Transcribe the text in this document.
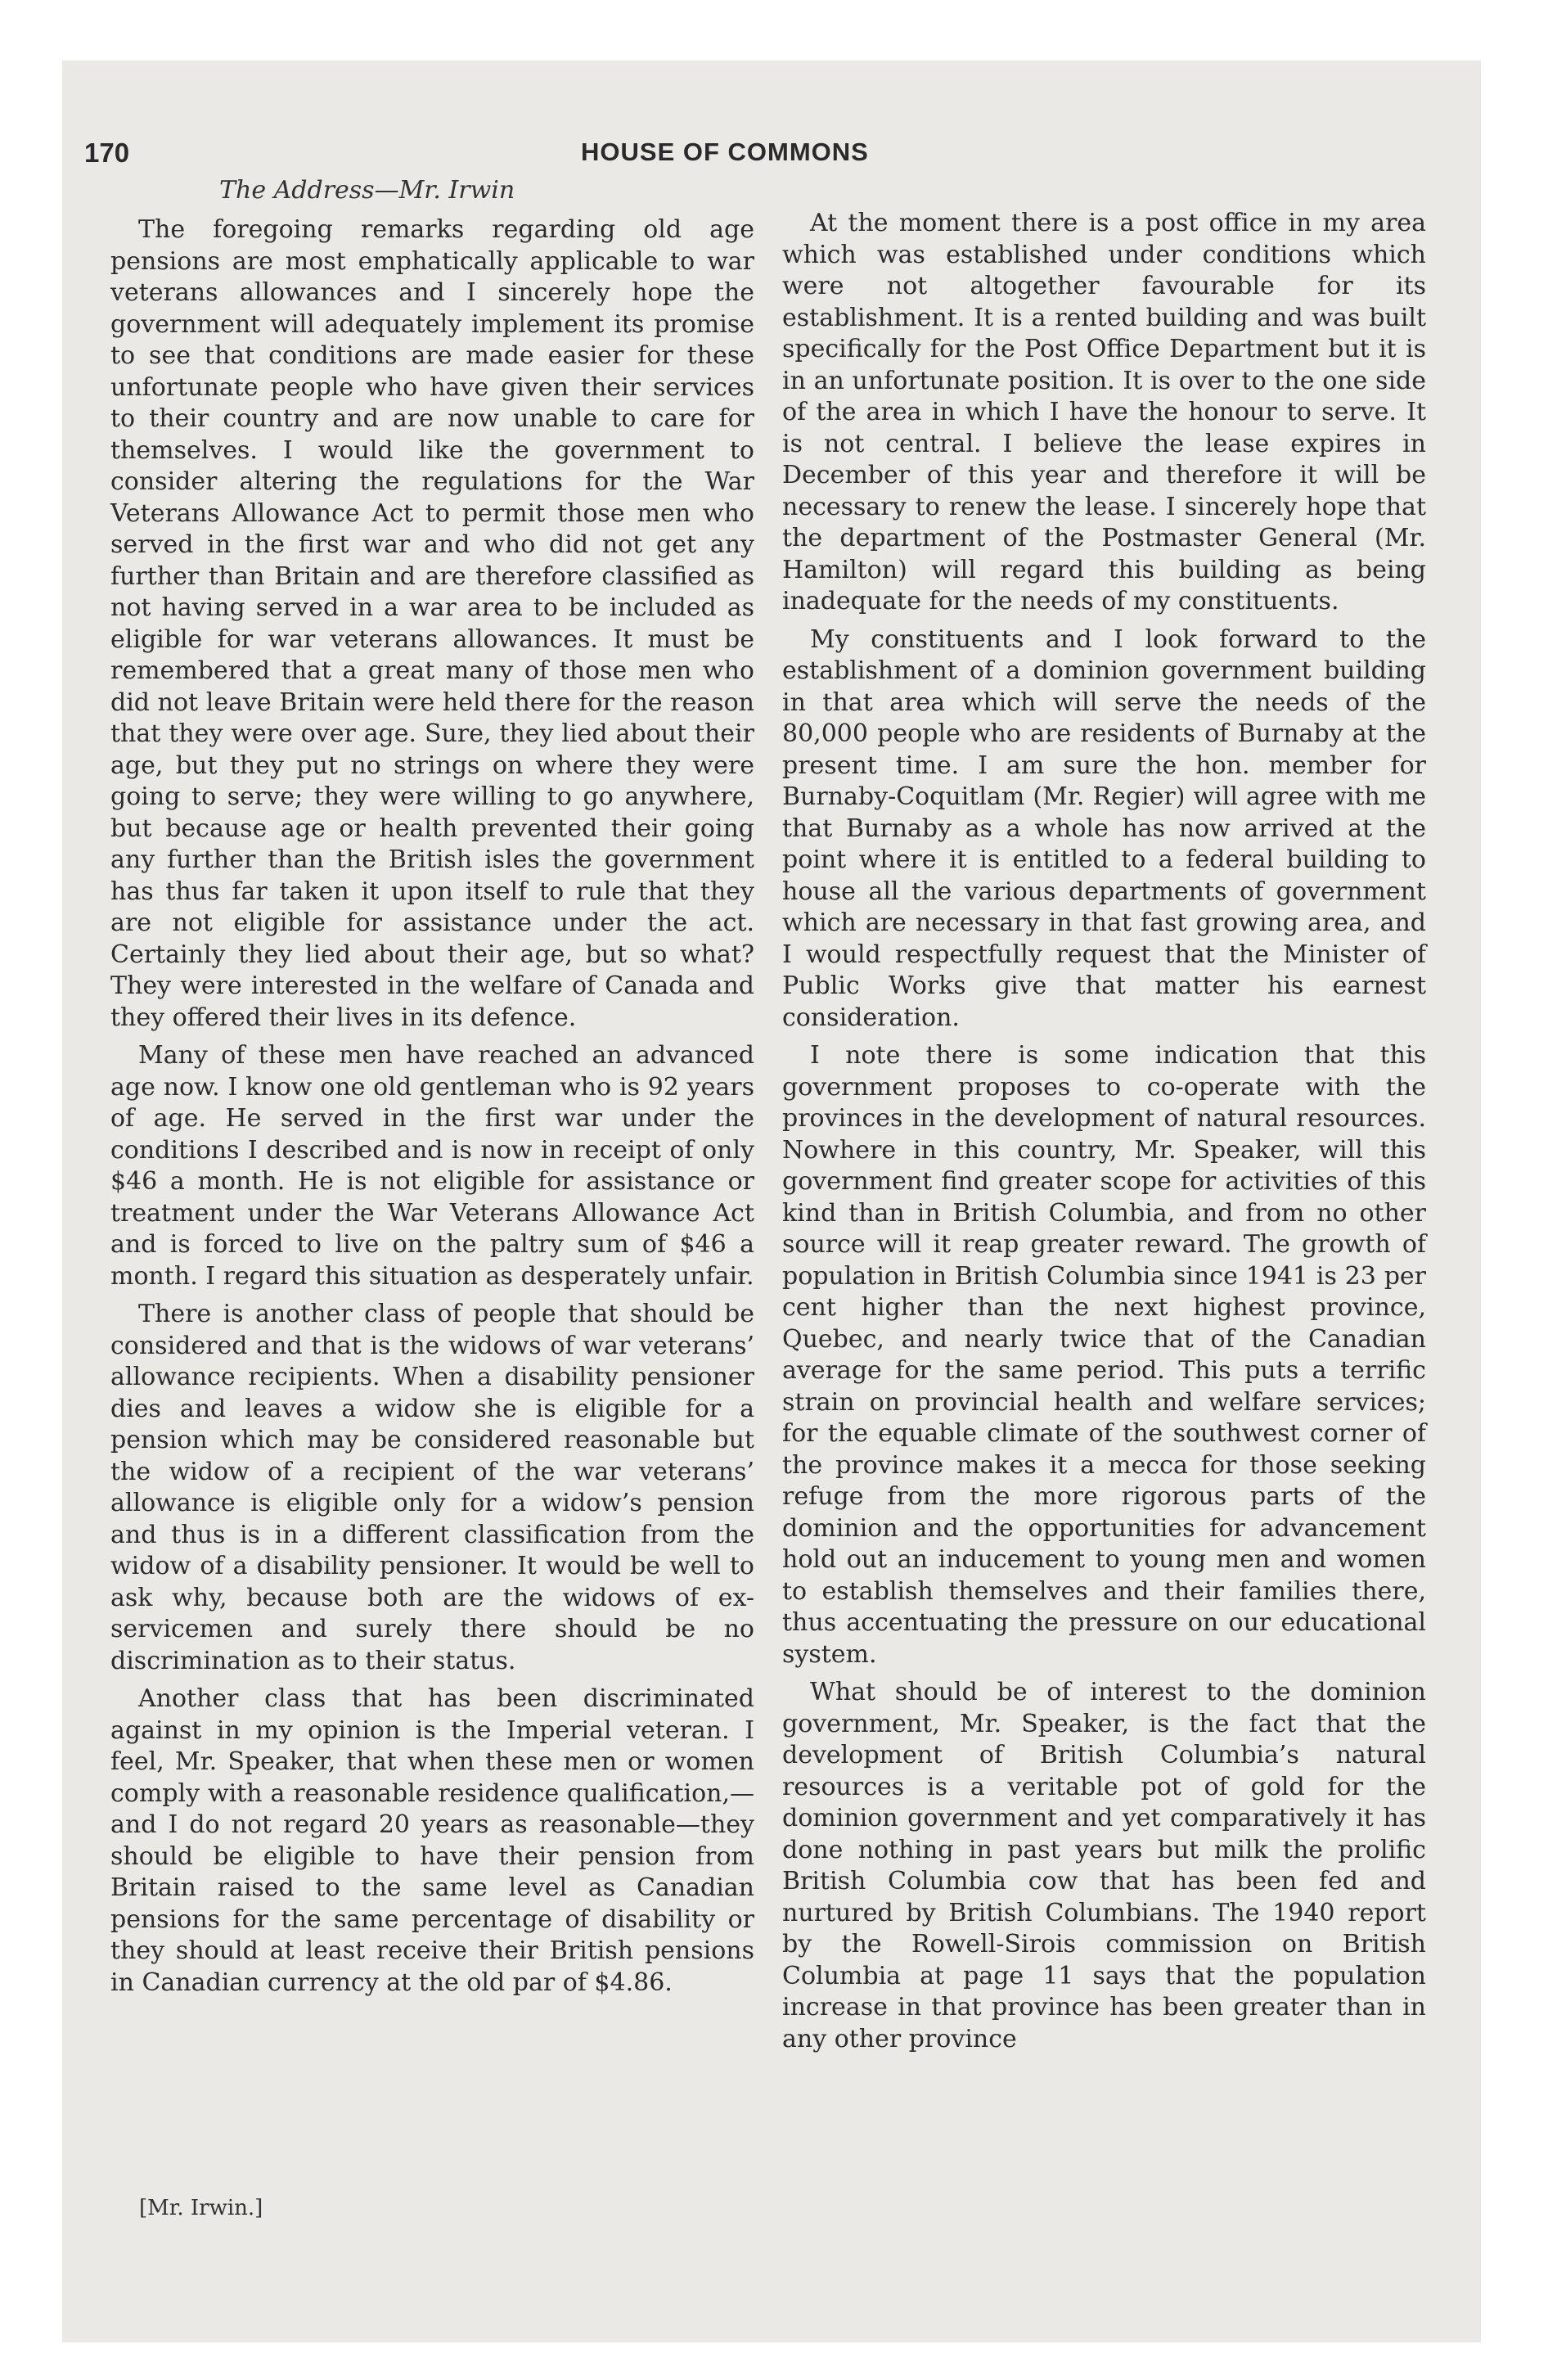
170	HOUSE OF COMMONS
The Address—Mr. Irwin

The foregoing remarks regarding old age pensions are most emphatically applicable to war veterans allowances and I sincerely hope the government will adequately implement its promise to see that conditions are made easier for these unfortunate people who have given their services to their country and are now unable to care for themselves. I would like the government to consider altering the regulations for the War Veterans Allowance Act to permit those men who served in the first war and who did not get any further than Britain and are therefore classified as not having served in a war area to be included as eligible for war veterans allowances. It must be remembered that a great many of those men who did not leave Britain were held there for the reason that they were over age. Sure, they lied about their age, but they put no strings on where they were going to serve; they were willing to go anywhere, but because age or health prevented their going any further than the British isles the government has thus far taken it upon itself to rule that they are not eligible for assistance under the act. Certainly they lied about their age, but so what? They were interested in the welfare of Canada and they offered their lives in its defence.

Many of these men have reached an advanced age now. I know one old gentleman who is 92 years of age. He served in the first war under the conditions I described and is now in receipt of only $46 a month. He is not eligible for assistance or treatment under the War Veterans Allowance Act and is forced to live on the paltry sum of $46 a month. I regard this situation as desperately unfair.

There is another class of people that should be considered and that is the widows of war veterans’ allowance recipients. When a disability pensioner dies and leaves a widow she is eligible for a pension which may be considered reasonable but the widow of a recipient of the war veterans’ allowance is eligible only for a widow’s pension and thus is in a different classification from the widow of a disability pensioner. It would be well to ask why, because both are the widows of ex-servicemen and surely there should be no discrimination as to their status.

Another class that has been discriminated against in my opinion is the Imperial veteran. I feel, Mr. Speaker, that when these men or women comply with a reasonable residence qualification,—and I do not regard 20 years as reasonable—they should be eligible to have their pension from Britain raised to the same level as Canadian pensions for the same percentage of disability or they should at least receive their British pensions in Canadian currency at the old par of $4.86.

At the moment there is a post office in my area which was established under conditions which were not altogether favourable for its establishment. It is a rented building and was built specifically for the Post Office Department but it is in an unfortunate position. It is over to the one side of the area in which I have the honour to serve. It is not central. I believe the lease expires in December of this year and therefore it will be necessary to renew the lease. I sincerely hope that the department of the Postmaster General (Mr. Hamilton) will regard this building as being inadequate for the needs of my constituents.

My constituents and I look forward to the establishment of a dominion government building in that area which will serve the needs of the 80,000 people who are residents of Burnaby at the present time. I am sure the hon. member for Burnaby-Coquitlam (Mr. Regier) will agree with me that Burnaby as a whole has now arrived at the point where it is entitled to a federal building to house all the various departments of government which are necessary in that fast growing area, and I would respectfully request that the Minister of Public Works give that matter his earnest consideration.

I note there is some indication that this government proposes to co-operate with the provinces in the development of natural resources. Nowhere in this country, Mr. Speaker, will this government find greater scope for activities of this kind than in British Columbia, and from no other source will it reap greater reward. The growth of population in British Columbia since 1941 is 23 per cent higher than the next highest province, Quebec, and nearly twice that of the Canadian average for the same period. This puts a terrific strain on provincial health and welfare services; for the equable climate of the southwest corner of the province makes it a mecca for those seeking refuge from the more rigorous parts of the dominion and the opportunities for advancement hold out an inducement to young men and women to establish themselves and their families there, thus accentuating the pressure on our educational system.

What should be of interest to the dominion government, Mr. Speaker, is the fact that the development of British Columbia’s natural resources is a veritable pot of gold for the dominion government and yet comparatively it has done nothing in past years but milk the prolific British Columbia cow that has been fed and nurtured by British Columbians. The 1940 report by the Rowell-Sirois commission on British Columbia at page 11 says that the population increase in that province has been greater than in any other province

[Mr. Irwin.]
